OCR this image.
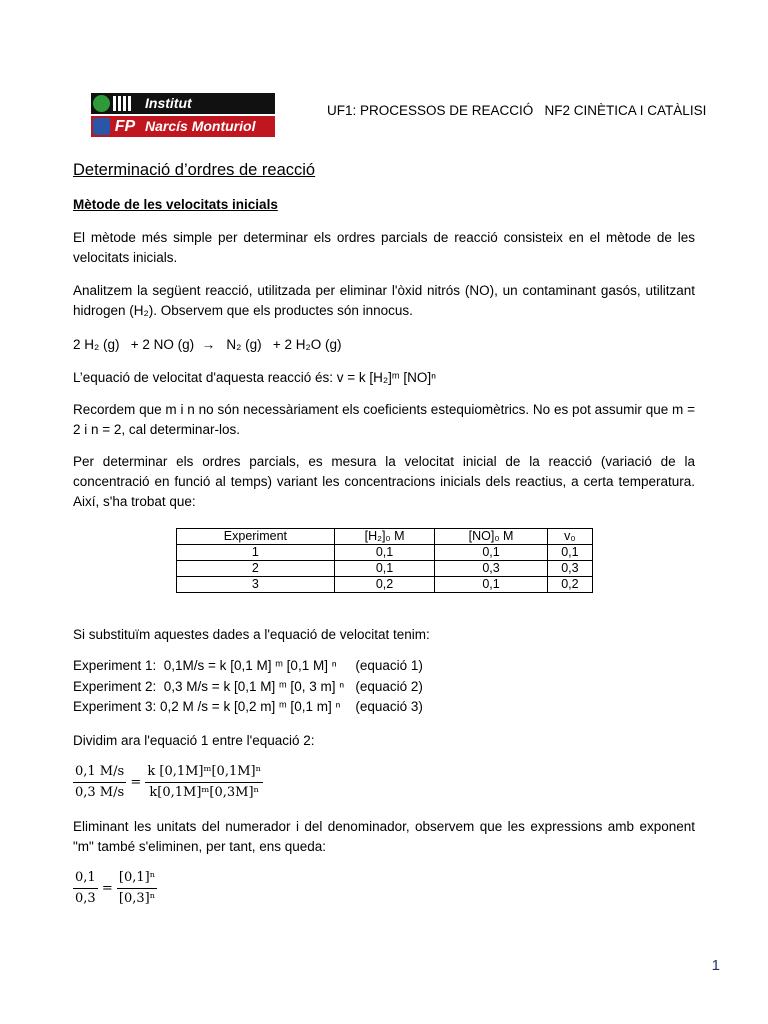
Institut
FP Narcís Monturiol
UF1: PROCESSOS DE REACCIÓ   NF2 CINÈTICA I CATÀLISI
Determinació d’ordres de reacció
Mètode de les velocitats inicials
El mètode més simple per determinar els ordres parcials de reacció consisteix en el mètode de les velocitats inicials.
Analitzem la següent reacció, utilitzada per eliminar l'òxid nitrós (NO), un contaminant gasós, utilitzant hidrogen (H₂). Observem que els productes són innocus.
2 H₂ (g)   + 2 NO (g)  →   N₂ (g)   + 2 H₂O (g)
L’equació de velocitat d'aquesta reacció és: v = k [H₂]ᵐ [NO]ⁿ
Recordem que m i n no són necessàriament els coeficients estequiomètrics. No es pot assumir que m = 2 i n = 2, cal determinar-los.
Per determinar els ordres parcials, es mesura la velocitat inicial de la reacció (variació de la concentració en funció al temps) variant les concentracions inicials dels reactius, a certa temperatura. Així, s'ha trobat que:
Experiment	[H₂]₀ M	[NO]₀ M	v₀
1	0,1	0,1	0,1
2	0,1	0,3	0,3
3	0,2	0,1	0,2
Si substituïm aquestes dades a l'equació de velocitat tenim:
Experiment 1:  0,1M/s = k [0,1 M] ᵐ [0,1 M] ⁿ     (equació 1)
Experiment 2:  0,3 M/s = k [0,1 M] ᵐ [0, 3 m] ⁿ   (equació 2)
Experiment 3: 0,2 M /s = k [0,2 m] ᵐ [0,1 m] ⁿ    (equació 3)
Dividim ara l'equació 1 entre l'equació 2:
$\frac{0,1 M/s}{0,3 M/s} = \frac{\text{k [0,1M]ᵐ[0,1M]ⁿ}}{\text{k[0,1M]ᵐ[0,3M]ⁿ}}$
Eliminant les unitats del numerador i del denominador, observem que les expressions amb exponent "m" també s'eliminen, per tant, ens queda:
$\frac{0,1}{0,3} = \frac{\text{[0,1]ⁿ}}{\text{[0,3]ⁿ}}$
1
